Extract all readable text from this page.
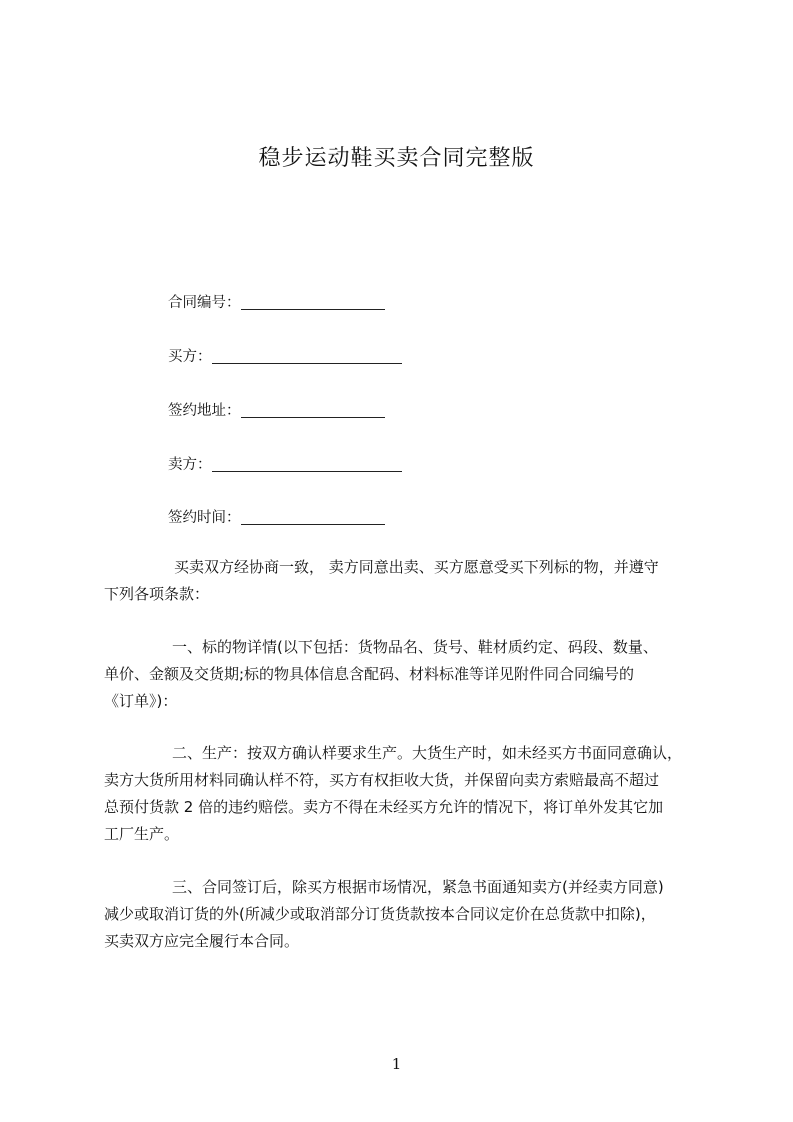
稳步运动鞋买卖合同完整版
合同编号：
买方：
签约地址：
卖方：
签约时间：

买卖双方经协商一致， 卖方同意出卖、买方愿意受买下列标的物，并遵守

下列各项条款：

一、标的物详情(以下包括：货物品名、货号、鞋材质约定、码段、数量、

单价、金额及交货期;标的物具体信息含配码、材料标准等详见附件同合同编号的

《订单》)：

二、生产：按双方确认样要求生产。大货生产时，如未经买方书面同意确认，

卖方大货所用材料同确认样不符，买方有权拒收大货，并保留向卖方索赔最高不超过

总预付货款 2 倍的违约赔偿。卖方不得在未经买方允许的情况下，将订单外发其它加

工厂生产。

三、合同签订后，除买方根据市场情况，紧急书面通知卖方(并经卖方同意)

减少或取消订货的外(所减少或取消部分订货货款按本合同议定价在总货款中扣除)，

买卖双方应完全履行本合同。

1
